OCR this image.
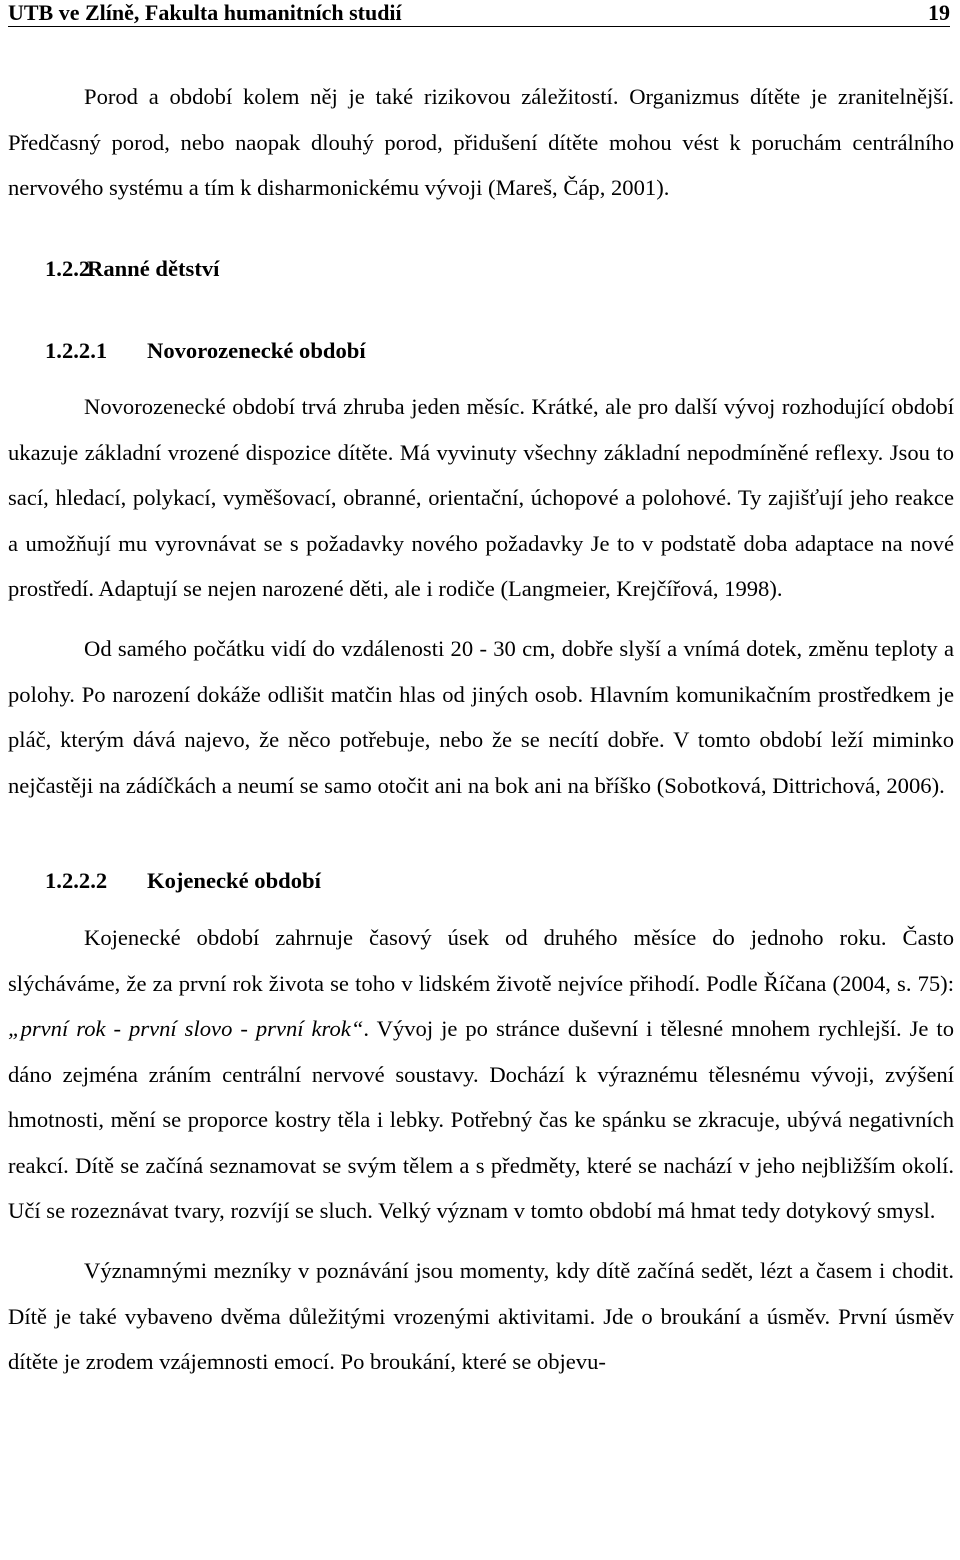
UTB ve Zlíně, Fakulta humanitních studií	19

Porod a období kolem něj je také rizikovou záležitostí. Organizmus dítěte je zranitelnější. Předčasný porod, nebo naopak dlouhý porod, přidušení dítěte mohou vést k poruchám centrálního nervového systému a tím k disharmonickému vývoji (Mareš, Čáp, 2001).

1.2.2Ranné dětství
1.2.2.1 Novorozenecké období

Novorozenecké období trvá zhruba jeden měsíc. Krátké, ale pro další vývoj rozhodující období ukazuje základní vrozené dispozice dítěte. Má vyvinuty všechny základní nepodmíněné reflexy. Jsou to sací, hledací, polykací, vyměšovací, obranné, orientační, úchopové a polohové. Ty zajišťují jeho reakce a umožňují mu vyrovnávat se s požadavky nového požadavky Je to v podstatě doba adaptace na nové prostředí. Adaptují se nejen narozené děti, ale i rodiče (Langmeier, Krejčířová, 1998).

Od samého počátku vidí do vzdálenosti 20 - 30 cm, dobře slyší a vnímá dotek, změnu teploty a polohy. Po narození dokáže odlišit matčin hlas od jiných osob. Hlavním komunikačním prostředkem je pláč, kterým dává najevo, že něco potřebuje, nebo že se necítí dobře. V tomto období leží miminko nejčastěji na zádíčkách a neumí se samo otočit ani na bok ani na bříško (Sobotková, Dittrichová, 2006).

1.2.2.2 Kojenecké období

Kojenecké období zahrnuje časový úsek od druhého měsíce do jednoho roku. Často slýcháváme, že za první rok života se toho v lidském životě nejvíce přihodí. Podle Říčana (2004, s. 75): „první rok - první slovo - první krok“. Vývoj je po stránce duševní i tělesné mnohem rychlejší. Je to dáno zejména zráním centrální nervové soustavy. Dochází k výraznému tělesnému vývoji, zvýšení hmotnosti, mění se proporce kostry těla i lebky. Potřebný čas ke spánku se zkracuje, ubývá negativních reakcí. Dítě se začíná seznamovat se svým tělem a s předměty, které se nachází v jeho nejbližším okolí. Učí se rozeznávat tvary, rozvíjí se sluch. Velký význam v tomto období má hmat tedy dotykový smysl.

Významnými mezníky v poznávání jsou momenty, kdy dítě začíná sedět, lézt a časem i chodit. Dítě je také vybaveno dvěma důležitými vrozenými aktivitami. Jde o broukání a úsměv. První úsměv dítěte je zrodem vzájemnosti emocí. Po broukání, které se objevu-
